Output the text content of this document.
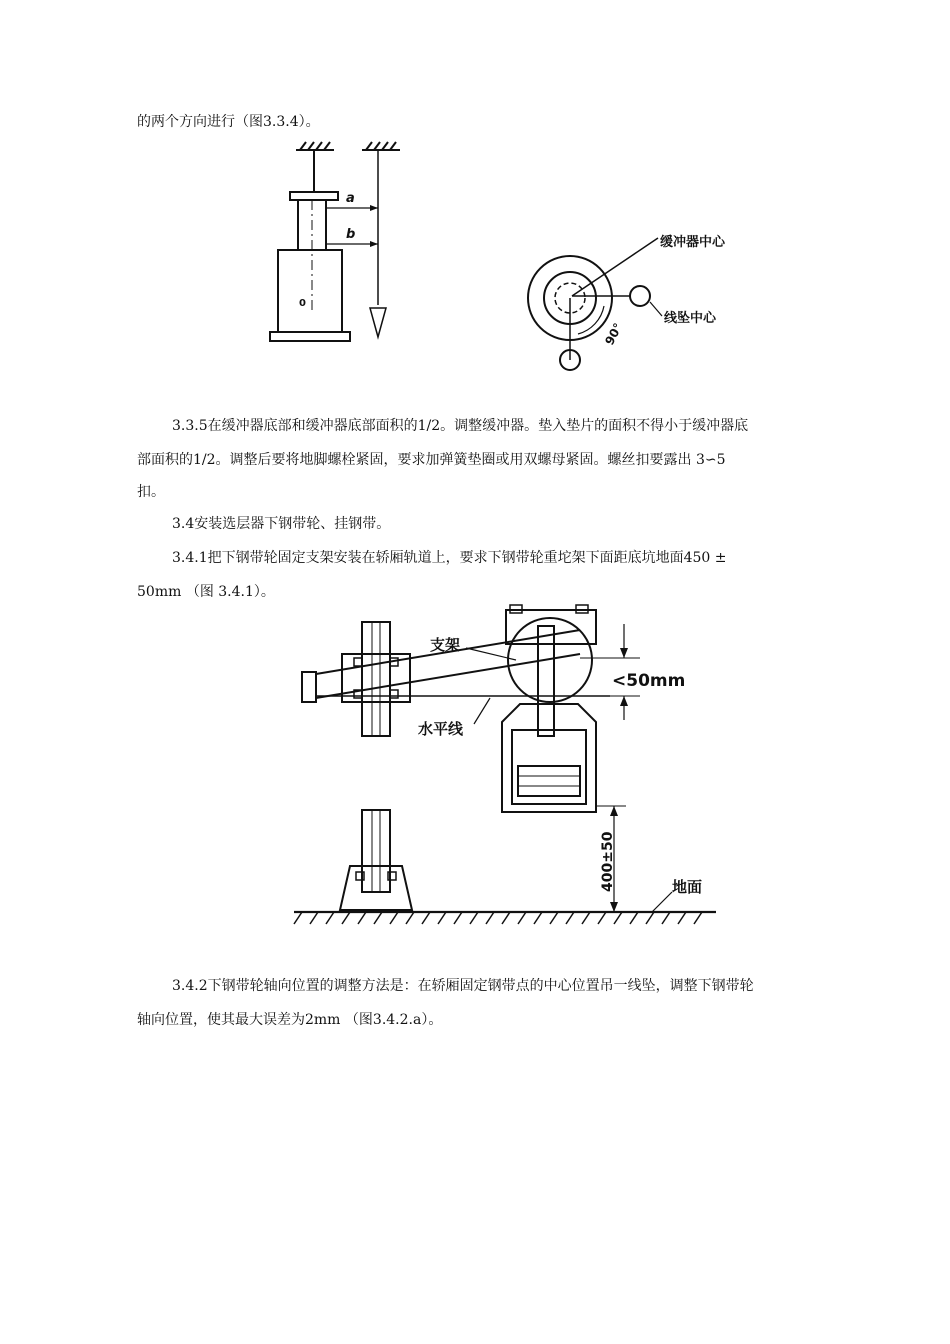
的两个方向进行（图3.3.4）。
a
b
0
缓冲器中心
线坠中心
90°
3.3.5在缓冲器底部和缓冲器底部面积的1/2。调整缓冲器。垫入垫片的面积不得小于缓冲器底
部面积的1/2。调整后要将地脚螺栓紧固，要求加弹簧垫圈或用双螺母紧固。螺丝扣要露出 3∽5
扣。
3.4安装选层器下钢带轮、挂钢带。
3.4.1把下钢带轮固定支架安装在轿厢轨道上，要求下钢带轮重坨架下面距底坑地面450 ±
50mm （图 3.4.1）。
支架
水平线
<50mm
400±50	地面
3.4.2下钢带轮轴向位置的调整方法是：在轿厢固定钢带点的中心位置吊一线坠，调整下钢带轮
轴向位置，使其最大误差为2mm （图3.4.2.a）。
